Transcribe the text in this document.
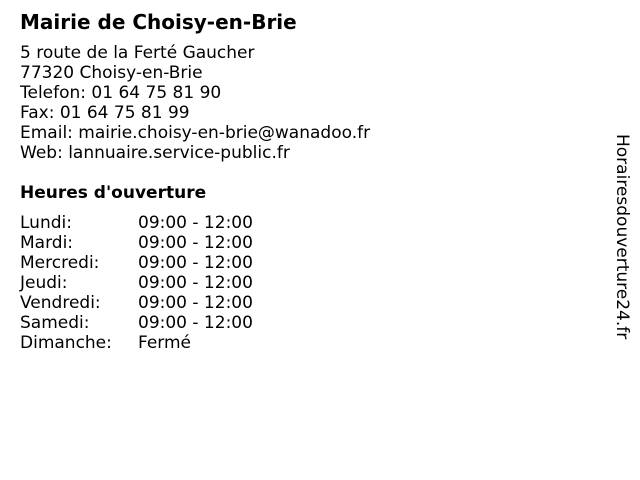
Mairie de Choisy-en-Brie
5 route de la Ferté Gaucher
77320 Choisy-en-Brie
Telefon: 01 64 75 81 90
Fax: 01 64 75 81 99
Email: mairie.choisy-en-brie@wanadoo.fr
Web: lannuaire.service-public.fr
Heures d'ouverture
Lundi:	09:00 - 12:00
Mardi:	09:00 - 12:00
Mercredi: 09:00 - 12:00
Jeudi:	09:00 - 12:00
Vendredi: 09:00 - 12:00
Samedi:	09:00 - 12:00
Dimanche: Fermé
Horairesdouverture24.fr
